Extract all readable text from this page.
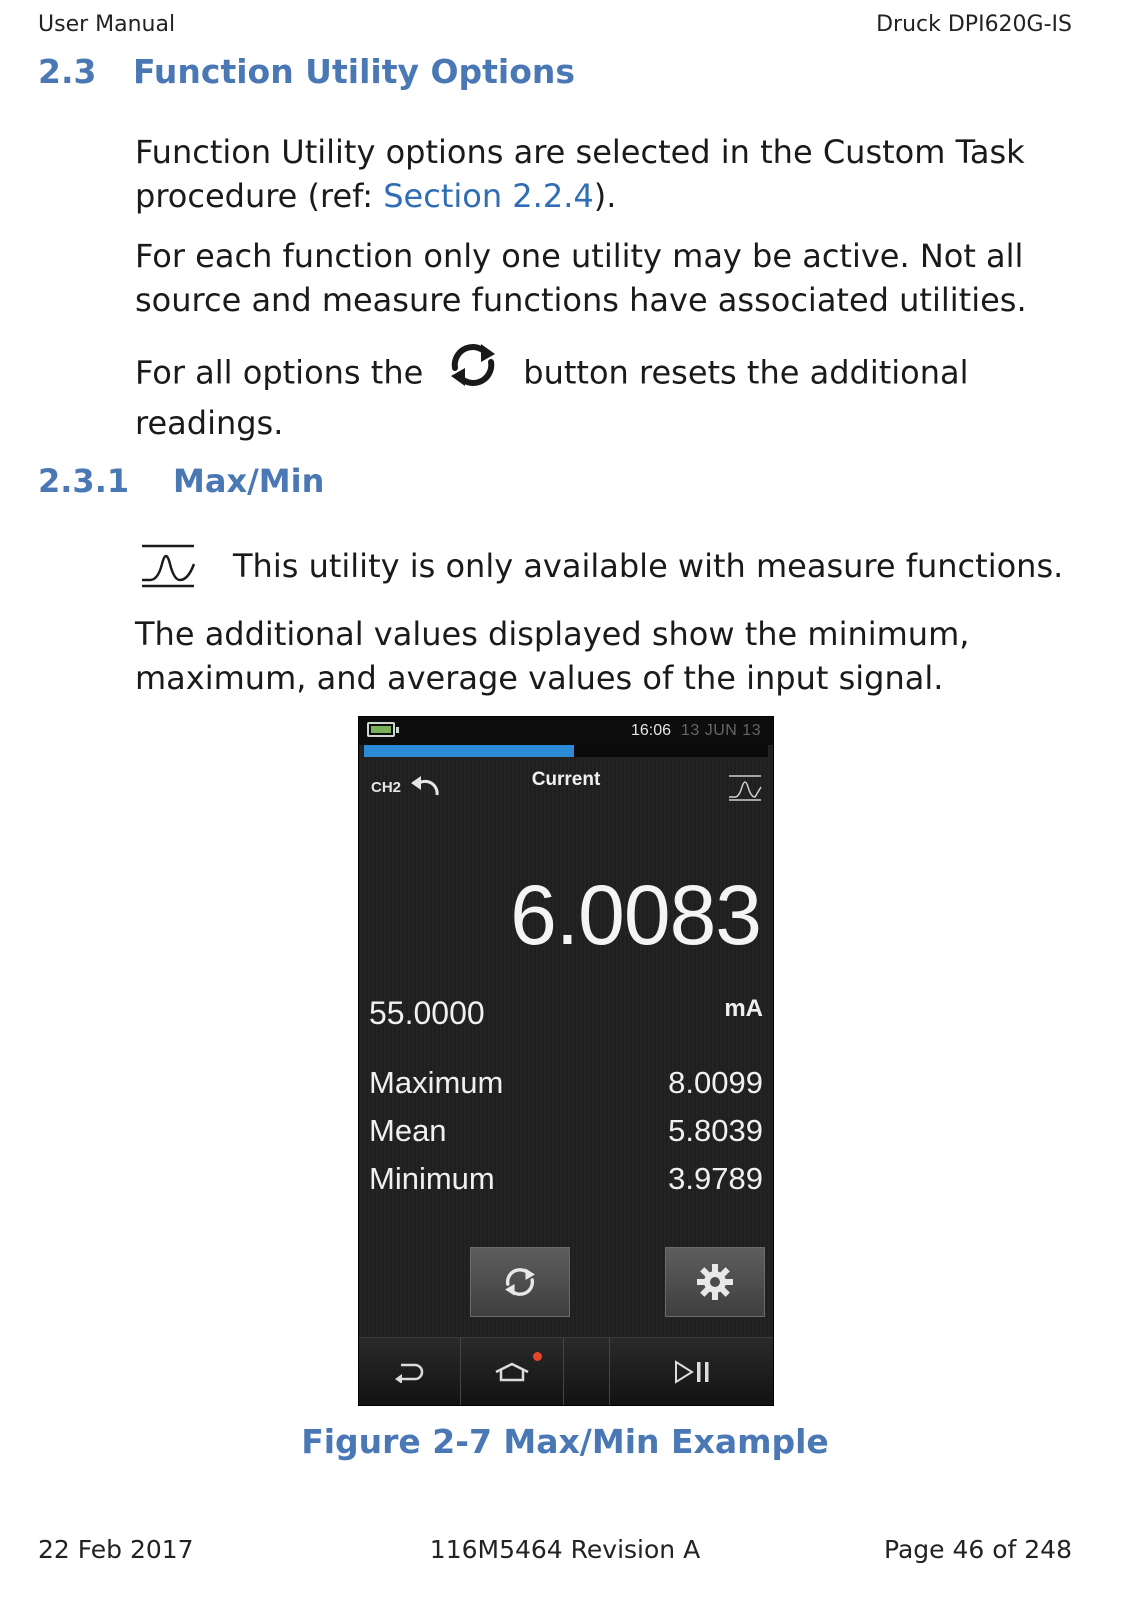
User Manual	Druck DPI620G-IS
2.3 Function Utility Options
Function Utility options are selected in the Custom Task procedure (ref: Section 2.2.4).
For each function only one utility may be active. Not all source and measure functions have associated utilities.
For all options the	button resets the additional readings.
2.3.1 Max/Min
This utility is only available with measure functions.
The additional values displayed show the minimum, maximum, and average values of the input signal.
16:06 13 JUN 13
CH2	Current
6.0083
55.0000	mA
Maximum	8.0099
Mean	5.8039
Minimum	3.9789
Figure 2-7 Max/Min Example
22 Feb 2017	116M5464 Revision A	Page 46 of 248
